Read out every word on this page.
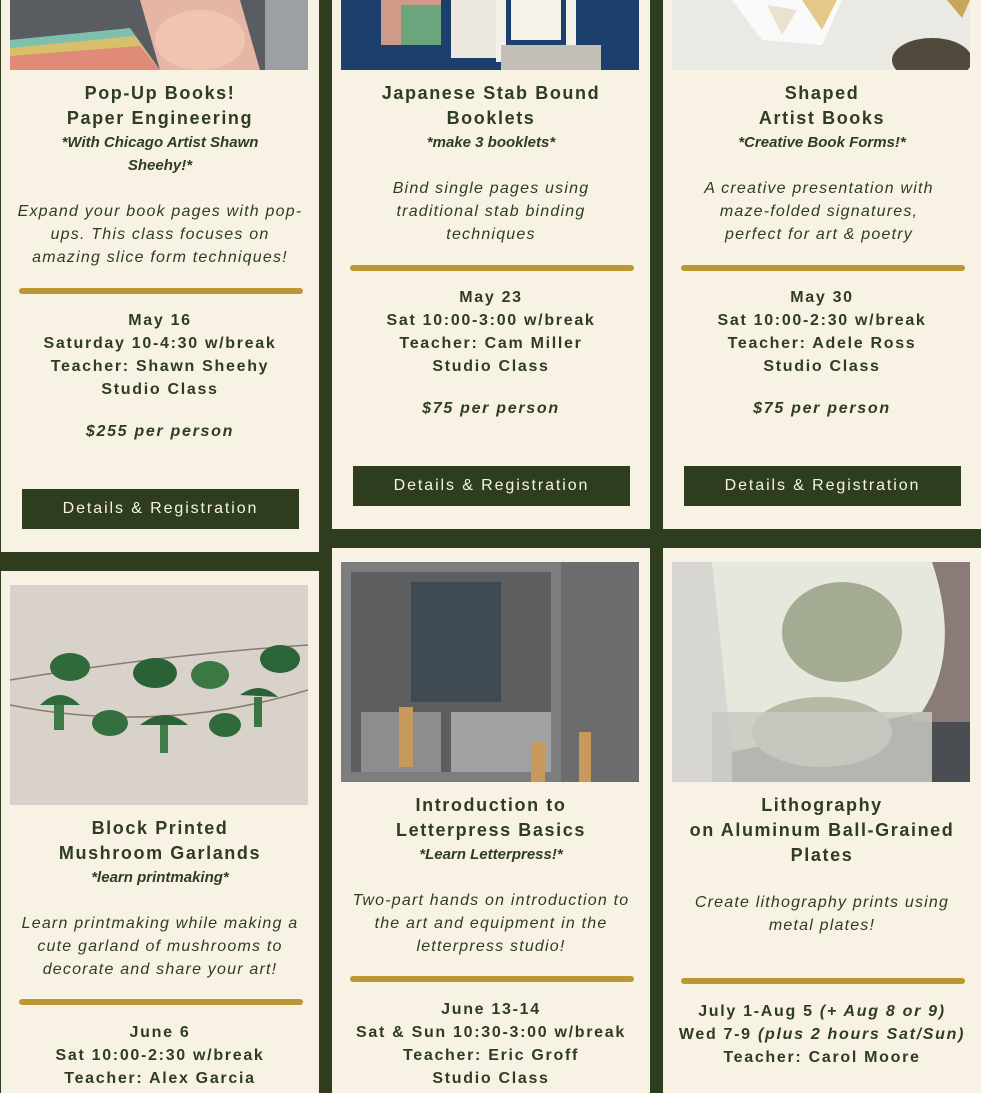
Pop-Up Books!
Paper Engineering
*With Chicago Artist Shawn
Sheehy!*
Expand your book pages with pop-ups. This class focuses on amazing slice form techniques!
May 16
Saturday 10-4:30 w/break
Teacher: Shawn Sheehy
Studio Class
$255 per person
Details & Registration
Japanese Stab Bound
Booklets
*make 3 booklets*
Bind single pages using traditional stab binding techniques
May 23
Sat 10:00-3:00 w/break
Teacher: Cam Miller
Studio Class
$75 per person
Details & Registration
Shaped
Artist Books
*Creative Book Forms!*
A creative presentation with maze-folded signatures, perfect for art & poetry
May 30
Sat 10:00-2:30 w/break
Teacher: Adele Ross
Studio Class
$75 per person
Details & Registration
Block Printed
Mushroom Garlands
*learn printmaking*
Learn printmaking while making a cute garland of mushrooms to decorate and share your art!
June 6
Sat 10:00-2:30 w/break
Teacher: Alex Garcia
Introduction to
Letterpress Basics
*Learn Letterpress!*
Two-part hands on introduction to the art and equipment in the letterpress studio!
June 13-14
Sat & Sun 10:30-3:00 w/break
Teacher: Eric Groff
Studio Class
Lithography
on Aluminum Ball-Grained
Plates
Create lithography prints using metal plates!
July 1-Aug 5 (+ Aug 8 or 9)
Wed 7-9 (plus 2 hours Sat/Sun)
Teacher: Carol Moore
